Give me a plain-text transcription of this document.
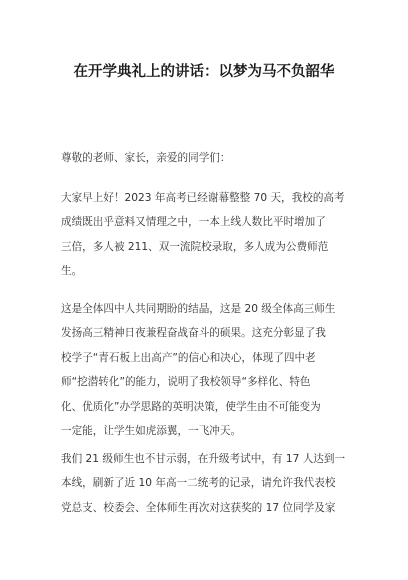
在开学典礼上的讲话：以梦为马不负韶华
尊敬的老师、家长，亲爱的同学们：
大家早上好！2023 年高考已经谢幕整整 70 天，我校的高考
成绩既出乎意料又情理之中，一本上线人数比平时增加了
三倍，多人被 211、双一流院校录取，多人成为公费师范
生。
这是全体四中人共同期盼的结晶，这是 20 级全体高三师生
发扬高三精神日夜兼程奋战奋斗的硕果。这充分彰显了我
校学子“青石板上出高产”的信心和决心，体现了四中老
师“挖潜转化”的能力，说明了我校领导“多样化、特色
化、优质化”办学思路的英明决策，使学生由不可能变为
一定能，让学生如虎添翼，一飞冲天。
我们 21 级师生也不甘示弱，在升级考试中，有 17 人达到一
本线，刷新了近 10 年高一二统考的记录，请允许我代表校
党总支、校委会、全体师生再次对这获奖的 17 位同学及家
